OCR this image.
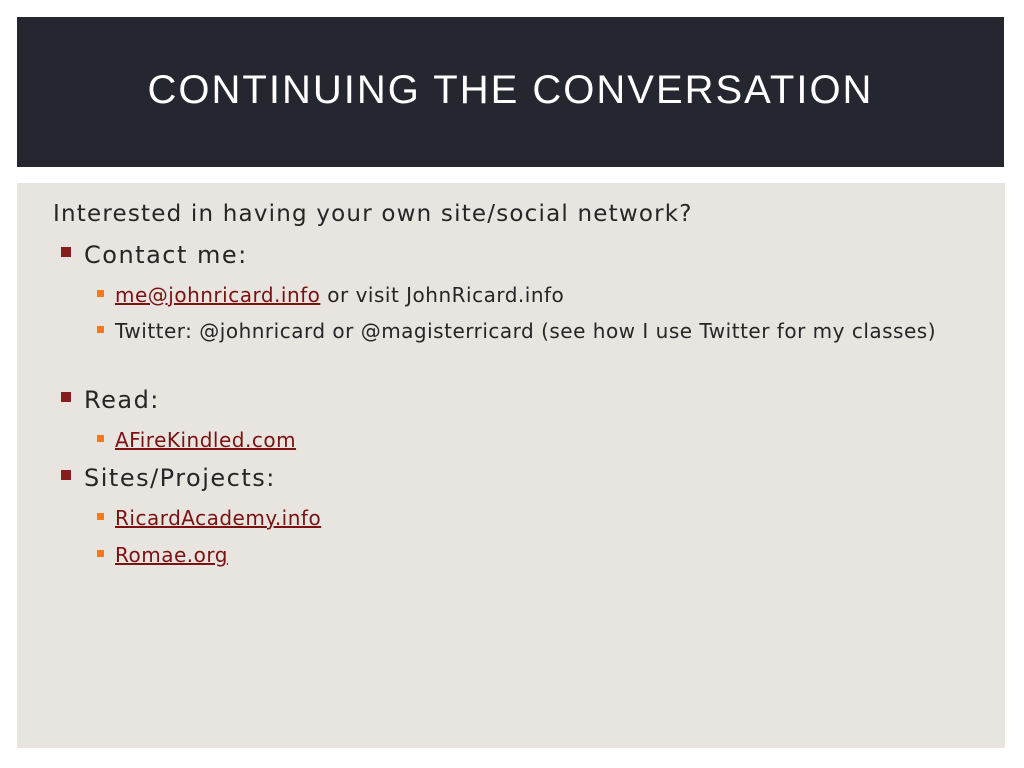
CONTINUING THE CONVERSATION
Interested in having your own site/social network?
Contact me:
me@johnricard.info or visit JohnRicard.info
Twitter: @johnricard or @magisterricard (see how I use Twitter for my classes)
Read:
AFireKindled.com
Sites/Projects:
RicardAcademy.info
Romae.org
